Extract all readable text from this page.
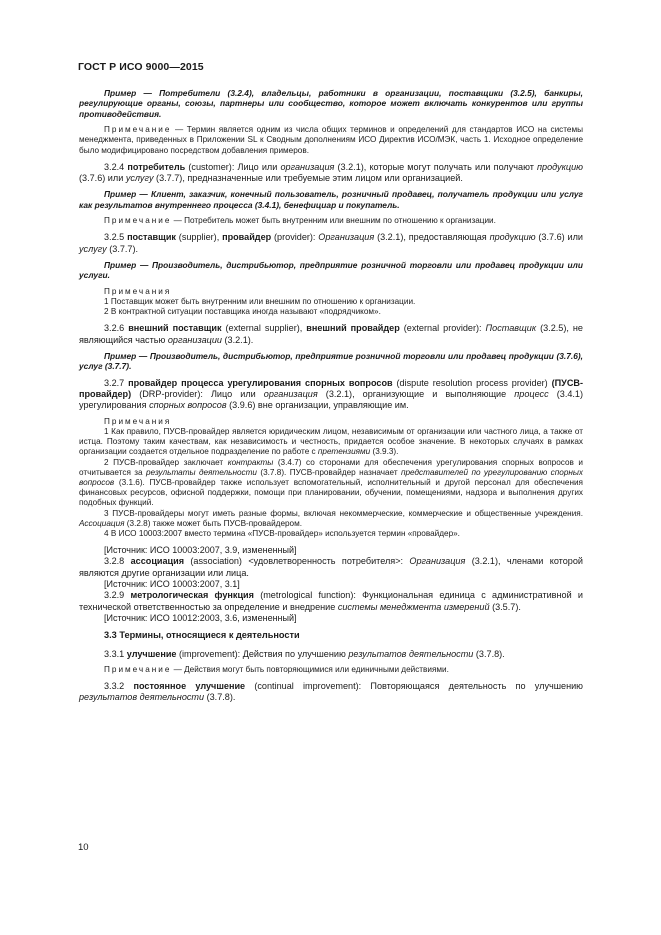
ГОСТ Р ИСО 9000—2015

Пример — Потребители (3.2.4), владельцы, работники в организации, поставщики (3.2.5), банкиры, регулирующие органы, союзы, партнеры или сообщество, которое может включать конкурентов или группы противодействия.

Примечание — Термин является одним из числа общих терминов и определений для стандартов ИСО на системы менеджмента, приведенных в Приложении SL к Сводным дополнениям ИСО Директив ИСО/МЭК, часть 1. Исходное определение было модифицировано посредством добавления примеров.

3.2.4 потребитель (customer): Лицо или организация (3.2.1), которые могут получать или получают продукцию (3.7.6) или услугу (3.7.7), предназначенные или требуемые этим лицом или организацией.

Пример — Клиент, заказчик, конечный пользователь, розничный продавец, получатель продукции или услуг как результатов внутреннего процесса (3.4.1), бенефициар и покупатель.

Примечание — Потребитель может быть внутренним или внешним по отношению к организации.

3.2.5 поставщик (supplier), провайдер (provider): Организация (3.2.1), предоставляющая продукцию (3.7.6) или услугу (3.7.7).

Пример — Производитель, дистрибьютор, предприятие розничной торговли или продавец продукции или услуги.

Примечания

1 Поставщик может быть внутренним или внешним по отношению к организации.

2 В контрактной ситуации поставщика иногда называют «подрядчиком».

3.2.6 внешний поставщик (external supplier), внешний провайдер (external provider): Поставщик (3.2.5), не являющийся частью организации (3.2.1).

Пример — Производитель, дистрибьютор, предприятие розничной торговли или продавец продукции (3.7.6), услуг (3.7.7).

3.2.7 провайдер процесса урегулирования спорных вопросов (dispute resolution process provider) (ПУСВ-провайдер) (DRP-provider): Лицо или организация (3.2.1), организующие и выполняющие процесс (3.4.1) урегулирования спорных вопросов (3.9.6) вне организации, управляющие им.

Примечания

1 Как правило, ПУСВ-провайдер является юридическим лицом, независимым от организации или частного лица, а также от истца. Поэтому таким качествам, как независимость и честность, придается особое значение. В некоторых случаях в рамках организации создается отдельное подразделение по работе с претензиями (3.9.3).

2 ПУСВ-провайдер заключает контракты (3.4.7) со сторонами для обеспечения урегулирования спорных вопросов и отчитывается за результаты деятельности (3.7.8). ПУСВ-провайдер назначает представителей по урегулированию спорных вопросов (3.1.6). ПУСВ-провайдер также использует вспомогательный, исполнительный и другой персонал для обеспечения финансовых ресурсов, офисной поддержки, помощи при планировании, обучении, помещениями, надзора и выполнения других подобных функций.

3 ПУСВ-провайдеры могут иметь разные формы, включая некоммерческие, коммерческие и общественные учреждения. Ассоциация (3.2.8) также может быть ПУСВ-провайдером.

4 В ИСО 10003:2007 вместо термина «ПУСВ-провайдер» используется термин «провайдер».

[Источник: ИСО 10003:2007, 3.9, измененный]

3.2.8 ассоциация (association) <удовлетворенность потребителя>: Организация (3.2.1), членами которой являются другие организации или лица.

[Источник: ИСО 10003:2007, 3.1]

3.2.9 метрологическая функция (metrological function): Функциональная единица с административной и технической ответственностью за определение и внедрение системы менеджмента измерений (3.5.7).

[Источник: ИСО 10012:2003, 3.6, измененный]

3.3 Термины, относящиеся к деятельности

3.3.1 улучшение (improvement): Действия по улучшению результатов деятельности (3.7.8).

Примечание — Действия могут быть повторяющимися или единичными действиями.

3.3.2 постоянное улучшение (continual improvement): Повторяющаяся деятельность по улучшению результатов деятельности (3.7.8).

10
